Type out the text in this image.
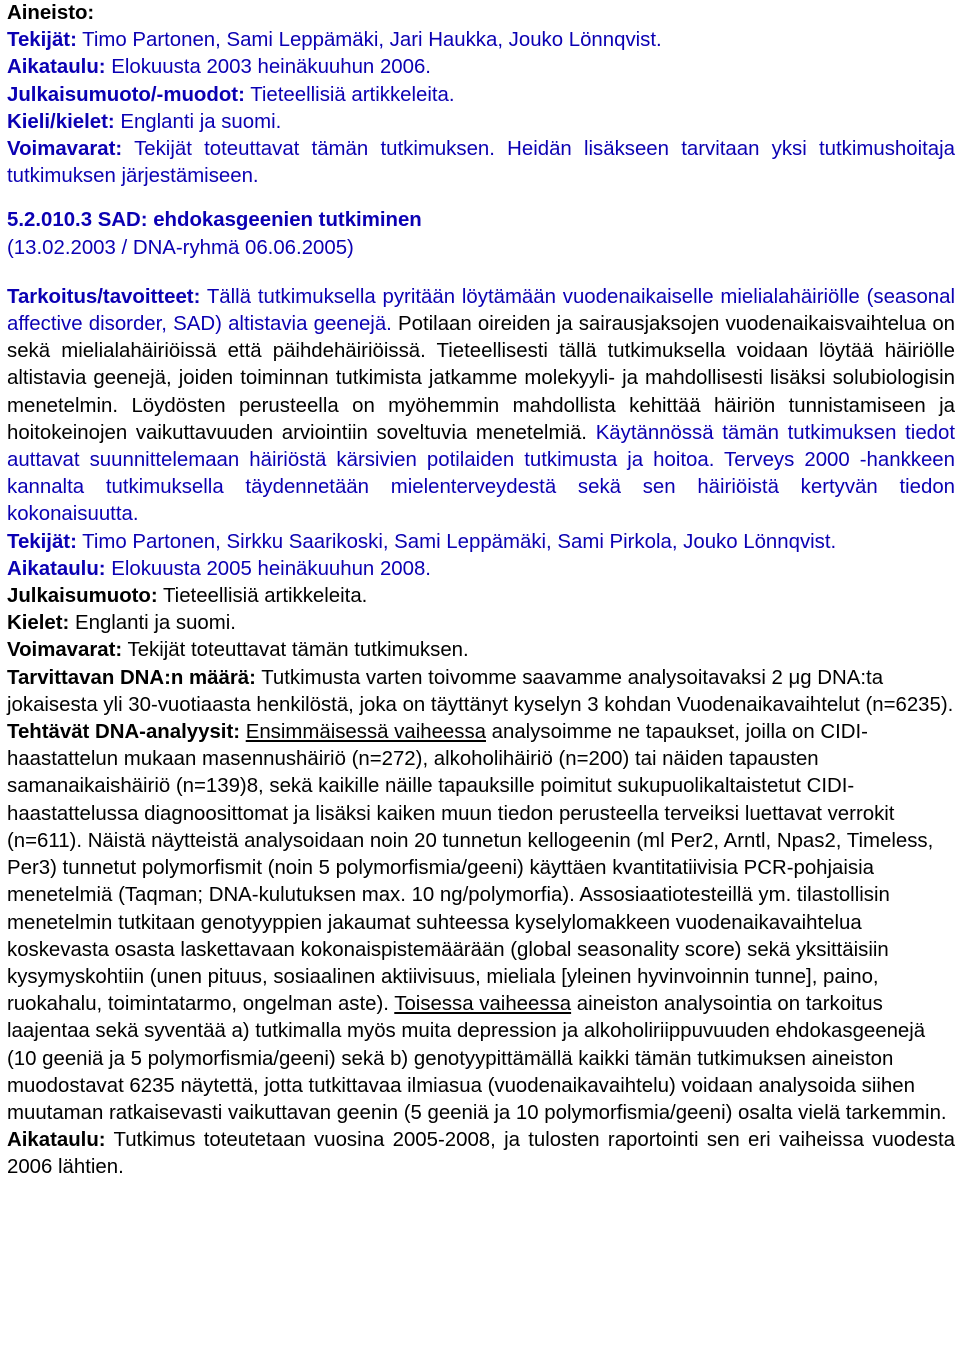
Aineisto:

Tekijät: Timo Partonen, Sami Leppämäki, Jari Haukka, Jouko Lönnqvist.

Aikataulu: Elokuusta 2003 heinäkuuhun 2006.

Julkaisumuoto/-muodot: Tieteellisiä artikkeleita.

Kieli/kielet: Englanti ja suomi.

Voimavarat: Tekijät toteuttavat tämän tutkimuksen. Heidän lisäkseen tarvitaan yksi tutkimushoitaja tutkimuksen järjestämiseen.

5.2.010.3 SAD: ehdokasgeenien tutkiminen

(13.02.2003 / DNA-ryhmä 06.06.2005)

Tarkoitus/tavoitteet: Tällä tutkimuksella pyritään löytämään vuodenaikaiselle mielialahäiriölle (seasonal affective disorder, SAD) altistavia geenejä. Potilaan oireiden ja sairausjaksojen vuodenaikaisvaihtelua on sekä mielialahäiriöissä että päihdehäiriöissä. Tieteellisesti tällä tutkimuksella voidaan löytää häiriölle altistavia geenejä, joiden toiminnan tutkimista jatkamme molekyyli- ja mahdollisesti lisäksi solubiologisin menetelmin. Löydösten perusteella on myöhemmin mahdollista kehittää häiriön tunnistamiseen ja hoitokeinojen vaikuttavuuden arviointiin soveltuvia menetelmiä. Käytännössä tämän tutkimuksen tiedot auttavat suunnittelemaan häiriöstä kärsivien potilaiden tutkimusta ja hoitoa. Terveys 2000 -hankkeen kannalta tutkimuksella täydennetään mielenterveydestä sekä sen häiriöistä kertyvän tiedon kokonaisuutta.

Tekijät: Timo Partonen, Sirkku Saarikoski, Sami Leppämäki, Sami Pirkola, Jouko Lönnqvist.

Aikataulu: Elokuusta 2005 heinäkuuhun 2008.

Julkaisumuoto: Tieteellisiä artikkeleita.

Kielet: Englanti ja suomi.

Voimavarat: Tekijät toteuttavat tämän tutkimuksen.

Tarvittavan DNA:n määrä: Tutkimusta varten toivomme saavamme analysoitavaksi 2 μg DNA:ta jokaisesta yli 30-vuotiaasta henkilöstä, joka on täyttänyt kyselyn 3 kohdan Vuodenaikavaihtelut (n=6235).

Tehtävät DNA-analyysit: Ensimmäisessä vaiheessa analysoimme ne tapaukset, joilla on CIDI-haastattelun mukaan masennushäiriö (n=272), alkoholihäiriö (n=200) tai näiden tapausten samanaikaishäiriö (n=139)8, sekä kaikille näille tapauksille poimitut sukupuolikaltaistetut CIDI-haastattelussa diagnoosittomat ja lisäksi kaiken muun tiedon perusteella terveiksi luettavat verrokit (n=611). Näistä näytteistä analysoidaan noin 20 tunnetun kellogeenin (ml Per2, Arntl, Npas2, Timeless, Per3) tunnetut polymorfismit (noin 5 polymorfismia/geeni) käyttäen kvantitatiivisia PCR-pohjaisia menetelmiä (Taqman; DNA-kulutuksen max. 10 ng/polymorfia). Assosiaatiotesteillä ym. tilastollisin menetelmin tutkitaan genotyyppien jakaumat suhteessa kyselylomakkeen vuodenaikavaihtelua koskevasta osasta laskettavaan kokonaispistemäärään (global seasonality score) sekä yksittäisiin kysymyskohtiin (unen pituus, sosiaalinen aktiivisuus, mieliala [yleinen hyvinvoinnin tunne], paino, ruokahalu, toimintatarmo, ongelman aste). Toisessa vaiheessa aineiston analysointia on tarkoitus laajentaa sekä syventää a) tutkimalla myös muita depression ja alkoholiriippuvuuden ehdokasgeenejä (10 geeniä ja 5 polymorfismia/geeni) sekä b) genotyypittämällä kaikki tämän tutkimuksen aineiston muodostavat 6235 näytettä, jotta tutkittavaa ilmiasua (vuodenaikavaihtelu) voidaan analysoida siihen muutaman ratkaisevasti vaikuttavan geenin (5 geeniä ja 10 polymorfismia/geeni) osalta vielä tarkemmin.

Aikataulu: Tutkimus toteutetaan vuosina 2005-2008, ja tulosten raportointi sen eri vaiheissa vuodesta 2006 lähtien.
